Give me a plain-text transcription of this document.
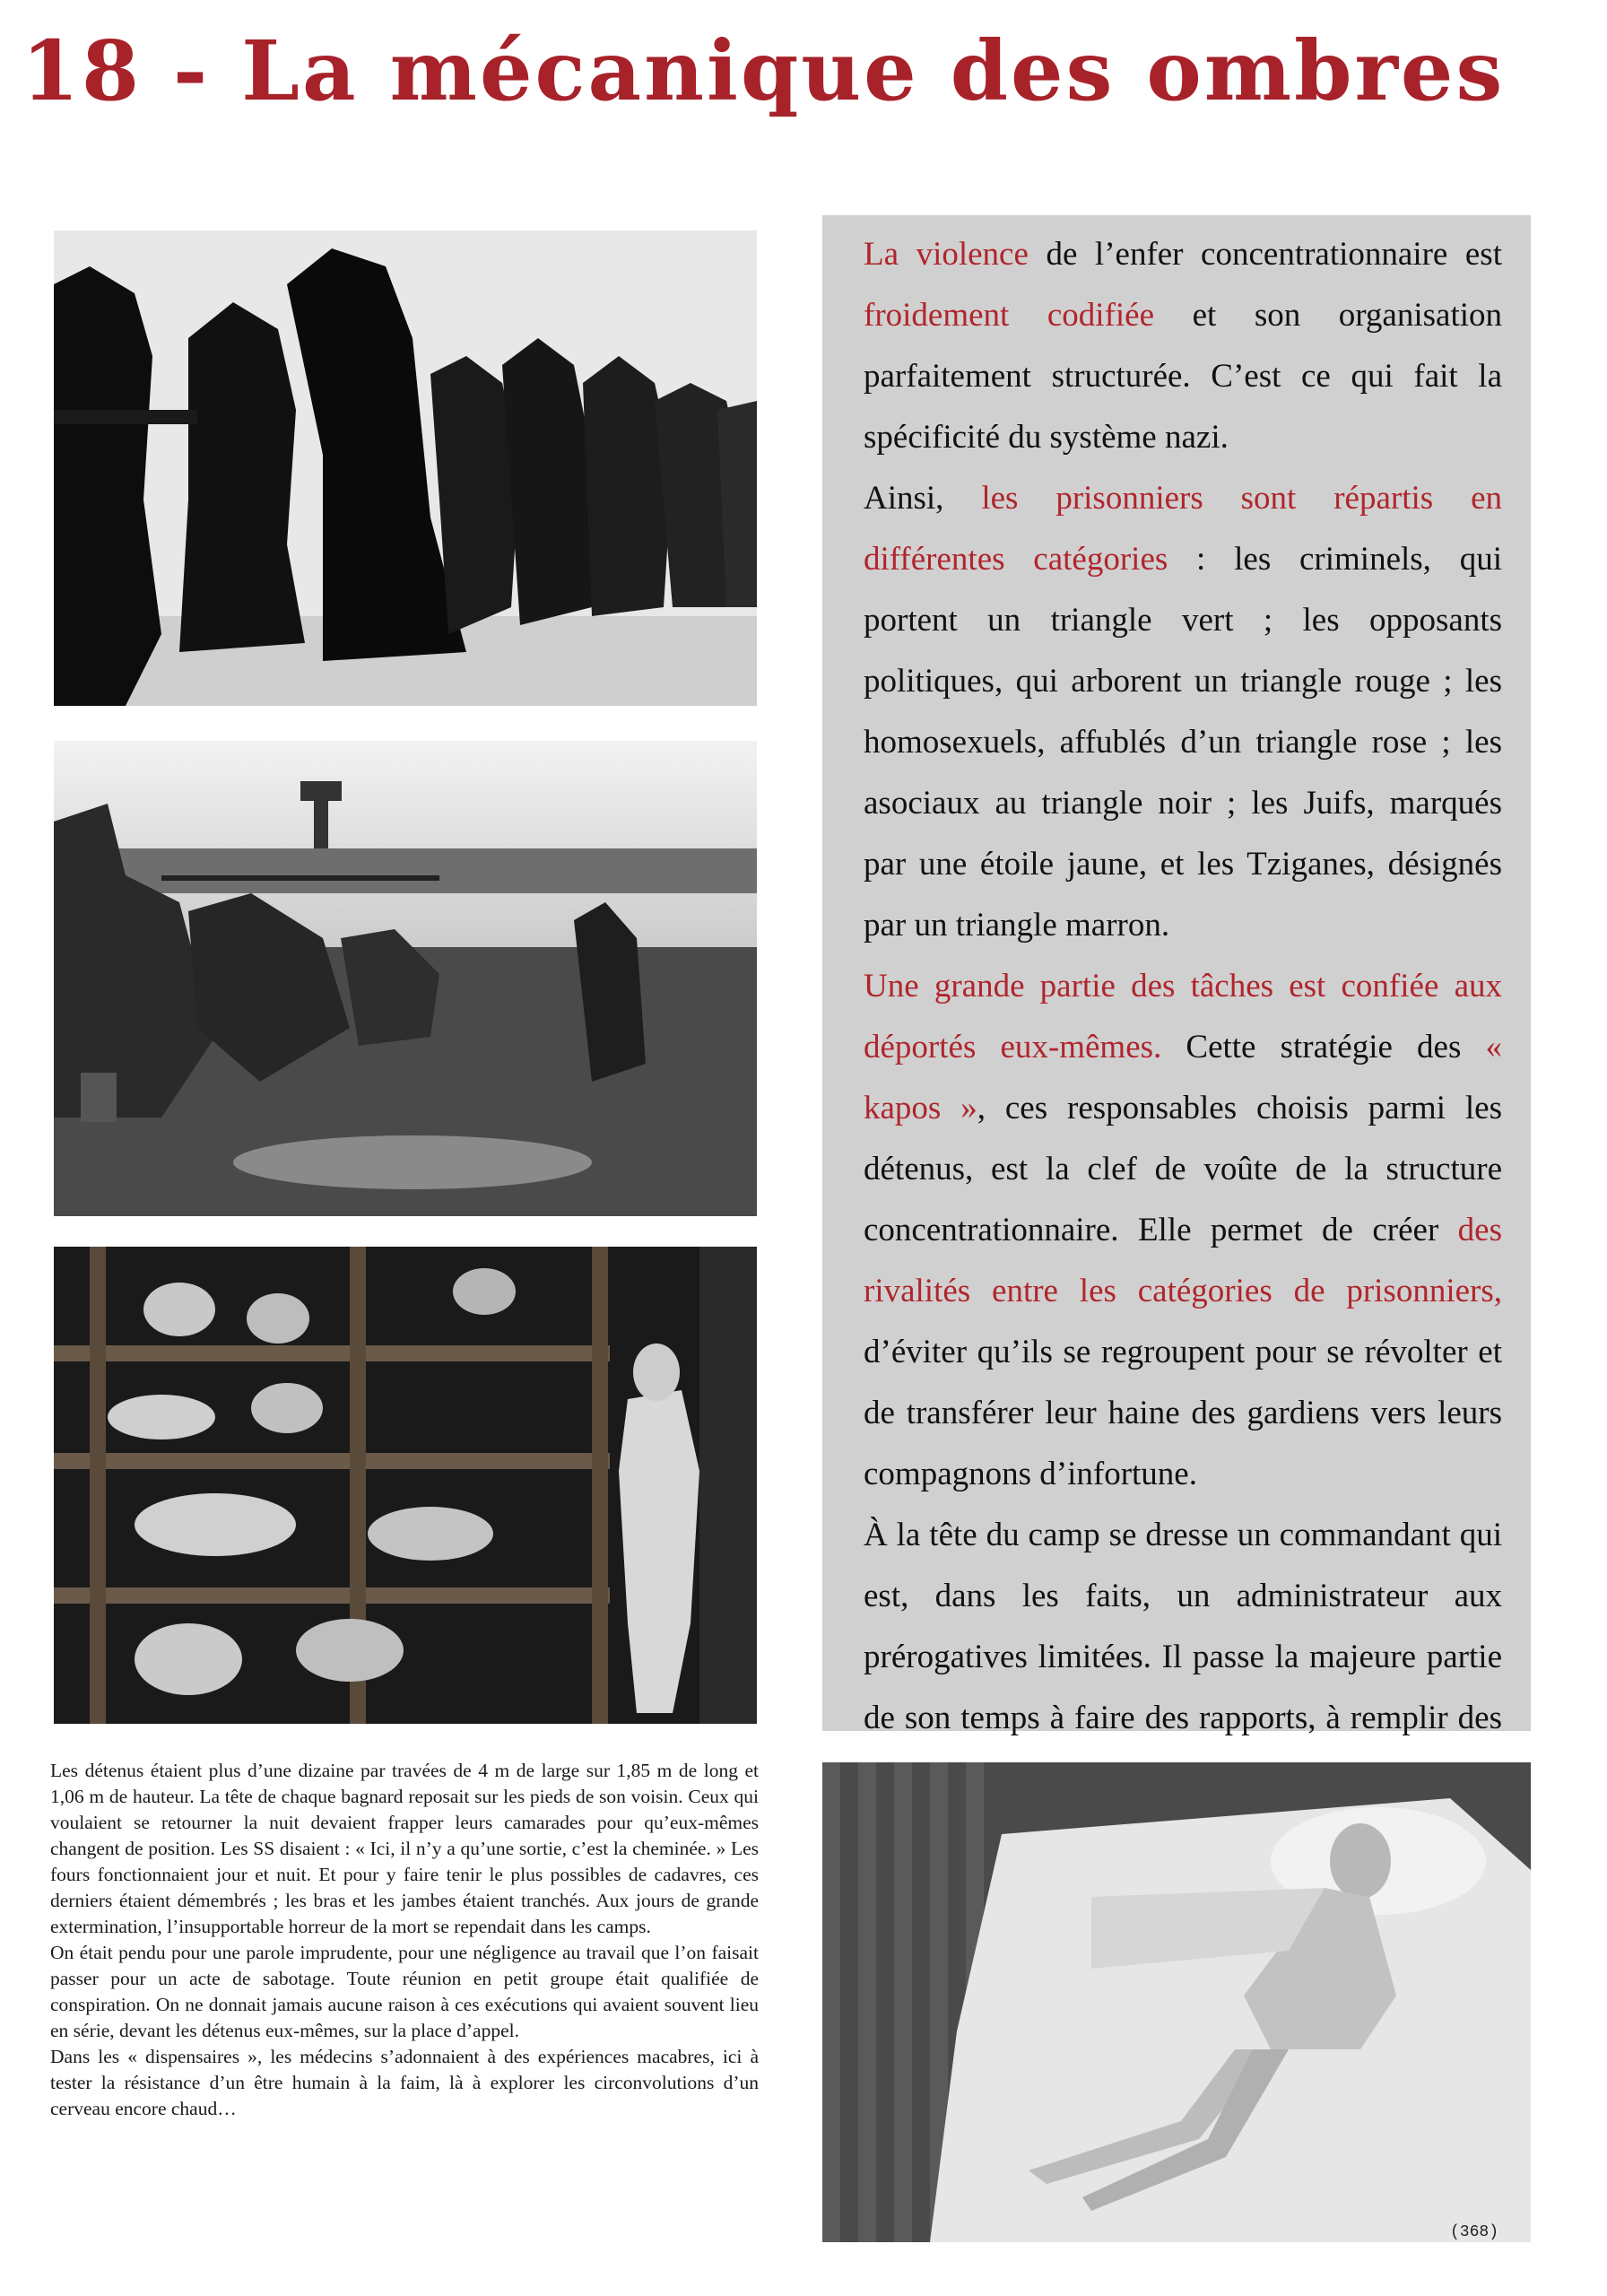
18 - La mécanique des ombres

La violence de l’enfer concentrationnaire est froidement codifiée et son organisation parfaitement structurée. C’est ce qui fait la spécificité du système nazi.

Ainsi, les prisonniers sont répartis en différentes catégories : les criminels, qui portent un triangle vert ; les opposants politiques, qui arborent un triangle rouge ; les homosexuels, affublés d’un triangle rose ; les asociaux au triangle noir ; les Juifs, marqués par une étoile jaune, et les Tziganes, désignés par un triangle marron.

Une grande partie des tâches est confiée aux déportés eux-mêmes. Cette stratégie des « kapos », ces responsables choisis parmi les détenus, est la clef de voûte de la structure concentrationnaire. Elle permet de créer des rivalités entre les catégories de prisonniers, d’éviter qu’ils se regroupent pour se révolter et de transférer leur haine des gardiens vers leurs compagnons d’infortune.

À la tête du camp se dresse un commandant qui est, dans les faits, un administrateur aux prérogatives limitées. Il passe la majeure partie de son temps à faire des rapports, à remplir des

Les détenus étaient plus d’une dizaine par travées de 4 m de large sur 1,85 m de long et 1,06 m de hauteur. La tête de chaque bagnard reposait sur les pieds de son voisin. Ceux qui voulaient se retourner la nuit devaient frapper leurs camarades pour qu’eux-mêmes changent de position. Les SS disaient : « Ici, il n’y a qu’une sortie, c’est la cheminée. » Les fours fonctionnaient jour et nuit. Et pour y faire tenir le plus possibles de cadavres, ces derniers étaient démembrés ; les bras et les jambes étaient tranchés. Aux jours de grande extermination, l’insupportable horreur de la mort se rependait dans les camps.

On était pendu pour une parole imprudente, pour une négligence au travail que l’on faisait passer pour un acte de sabotage. Toute réunion en petit groupe était qualifiée de conspiration. On ne donnait jamais aucune raison à ces exécutions qui avaient souvent lieu en série, devant les détenus eux-mêmes, sur la place d’appel.

Dans les « dispensaires », les médecins s’adonnaient à des expériences macabres, ici à tester la résistance d’un être humain à la faim, là à explorer les circonvolutions d’un cerveau encore chaud…

(368)
